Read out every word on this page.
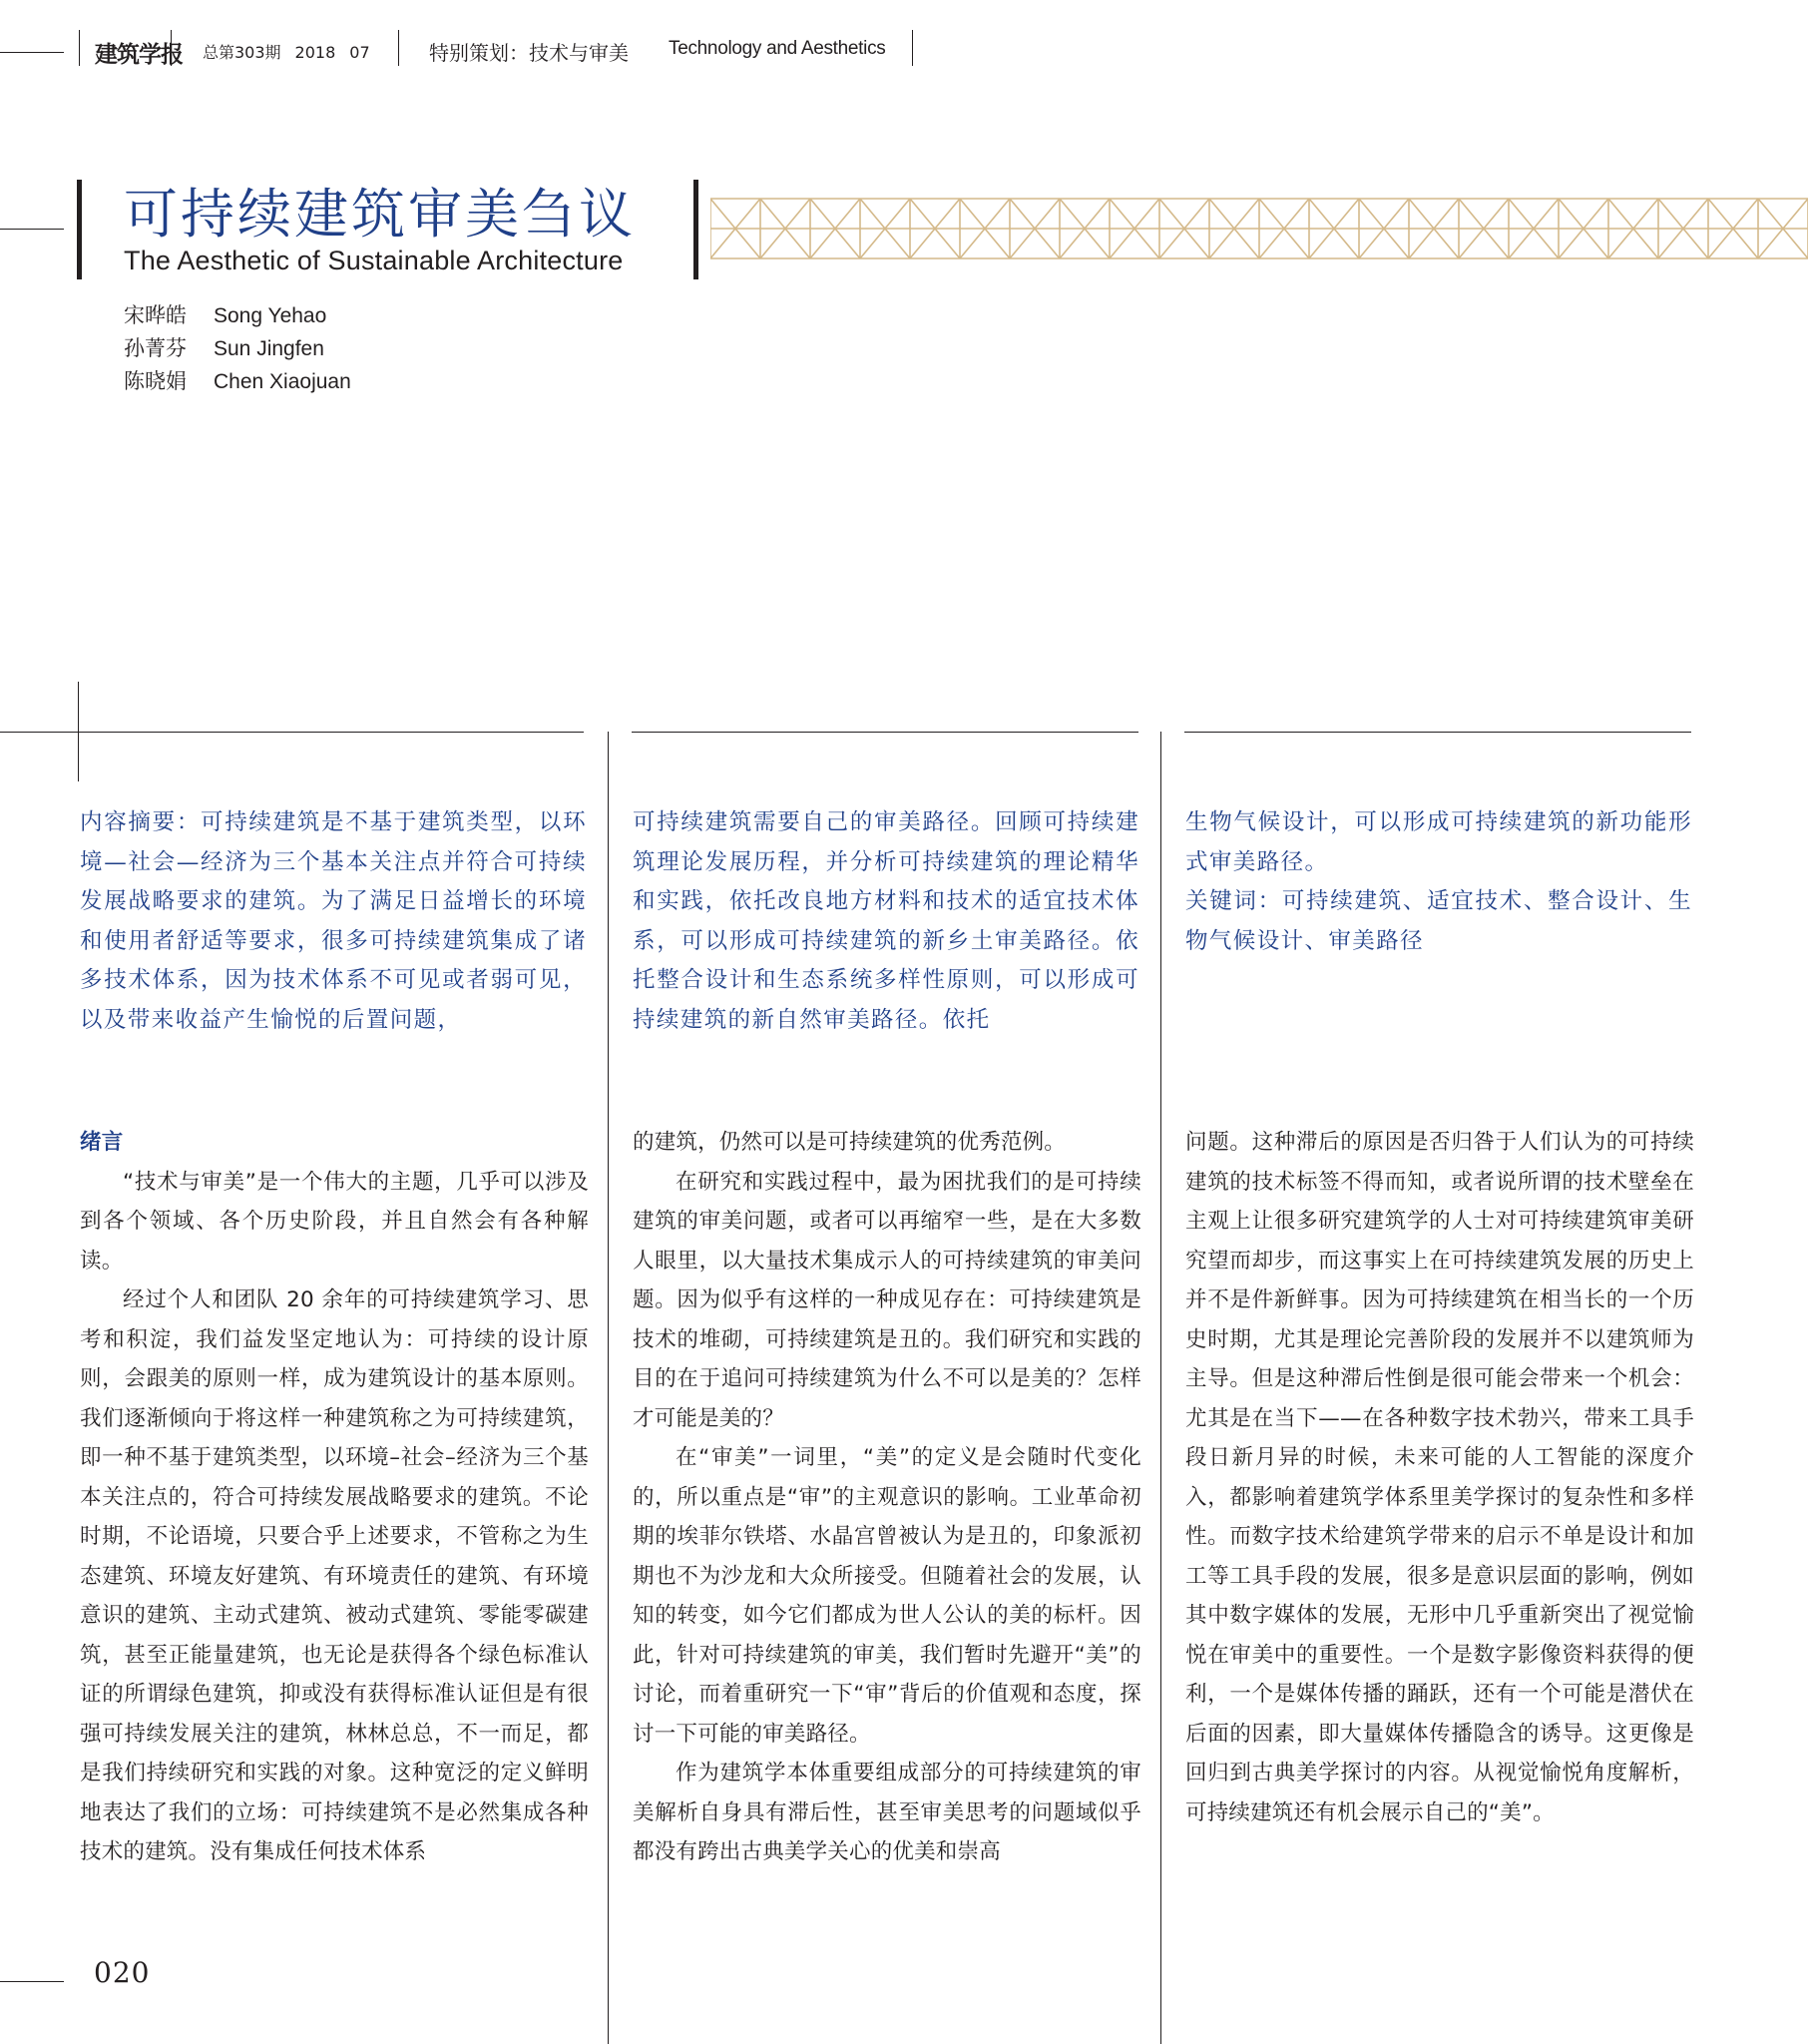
建筑学报 总第303期 2018 07	特别策划：技术与审美 Technology and Aesthetics
可持续建筑审美刍议
The Aesthetic of Sustainable Architecture
宋晔皓 Song Yehao
孙菁芬 Sun Jingfen
陈晓娟 Chen Xiaojuan

内容摘要：可持续建筑是不基于建筑类型，以环境—社会—经济为三个基本关注点并符合可持续发展战略要求的建筑。为了满足日益增长的环境和使用者舒适等要求，很多可持续建筑集成了诸多技术体系，因为技术体系不可见或者弱可见，以及带来收益产生愉悦的后置问题，

可持续建筑需要自己的审美路径。回顾可持续建筑理论发展历程，并分析可持续建筑的理论精华和实践，依托改良地方材料和技术的适宜技术体系，可以形成可持续建筑的新乡土审美路径。依托整合设计和生态系统多样性原则，可以形成可持续建筑的新自然审美路径。依托

生物气候设计，可以形成可持续建筑的新功能形式审美路径。

关键词：可持续建筑、适宜技术、整合设计、生物气候设计、审美路径

绪言

“技术与审美”是一个伟大的主题，几乎可以涉及到各个领域、各个历史阶段，并且自然会有各种解读。

经过个人和团队 20 余年的可持续建筑学习、思考和积淀，我们益发坚定地认为：可持续的设计原则，会跟美的原则一样，成为建筑设计的基本原则。我们逐渐倾向于将这样一种建筑称之为可持续建筑，即一种不基于建筑类型，以环境–社会–经济为三个基本关注点的，符合可持续发展战略要求的建筑。不论时期，不论语境，只要合乎上述要求，不管称之为生态建筑、环境友好建筑、有环境责任的建筑、有环境意识的建筑、主动式建筑、被动式建筑、零能零碳建筑，甚至正能量建筑，也无论是获得各个绿色标准认证的所谓绿色建筑，抑或没有获得标准认证但是有很强可持续发展关注的建筑，林林总总，不一而足，都是我们持续研究和实践的对象。这种宽泛的定义鲜明地表达了我们的立场：可持续建筑不是必然集成各种技术的建筑。没有集成任何技术体系

的建筑，仍然可以是可持续建筑的优秀范例。

在研究和实践过程中，最为困扰我们的是可持续建筑的审美问题，或者可以再缩窄一些，是在大多数人眼里，以大量技术集成示人的可持续建筑的审美问题。因为似乎有这样的一种成见存在：可持续建筑是技术的堆砌，可持续建筑是丑的。我们研究和实践的目的在于追问可持续建筑为什么不可以是美的？怎样才可能是美的？

在“审美”一词里，“美”的定义是会随时代变化的，所以重点是“审”的主观意识的影响。工业革命初期的埃菲尔铁塔、水晶宫曾被认为是丑的，印象派初期也不为沙龙和大众所接受。但随着社会的发展，认知的转变，如今它们都成为世人公认的美的标杆。因此，针对可持续建筑的审美，我们暂时先避开“美”的讨论，而着重研究一下“审”背后的价值观和态度，探讨一下可能的审美路径。

作为建筑学本体重要组成部分的可持续建筑的审美解析自身具有滞后性，甚至审美思考的问题域似乎都没有跨出古典美学关心的优美和崇高

问题。这种滞后的原因是否归咎于人们认为的可持续建筑的技术标签不得而知，或者说所谓的技术壁垒在主观上让很多研究建筑学的人士对可持续建筑审美研究望而却步，而这事实上在可持续建筑发展的历史上并不是件新鲜事。因为可持续建筑在相当长的一个历史时期，尤其是理论完善阶段的发展并不以建筑师为主导。但是这种滞后性倒是很可能会带来一个机会：尤其是在当下——在各种数字技术勃兴，带来工具手段日新月异的时候，未来可能的人工智能的深度介入，都影响着建筑学体系里美学探讨的复杂性和多样性。而数字技术给建筑学带来的启示不单是设计和加工等工具手段的发展，很多是意识层面的影响，例如其中数字媒体的发展，无形中几乎重新突出了视觉愉悦在审美中的重要性。一个是数字影像资料获得的便利，一个是媒体传播的踊跃，还有一个可能是潜伏在后面的因素，即大量媒体传播隐含的诱导。这更像是回归到古典美学探讨的内容。从视觉愉悦角度解析，可持续建筑还有机会展示自己的“美”。

020
